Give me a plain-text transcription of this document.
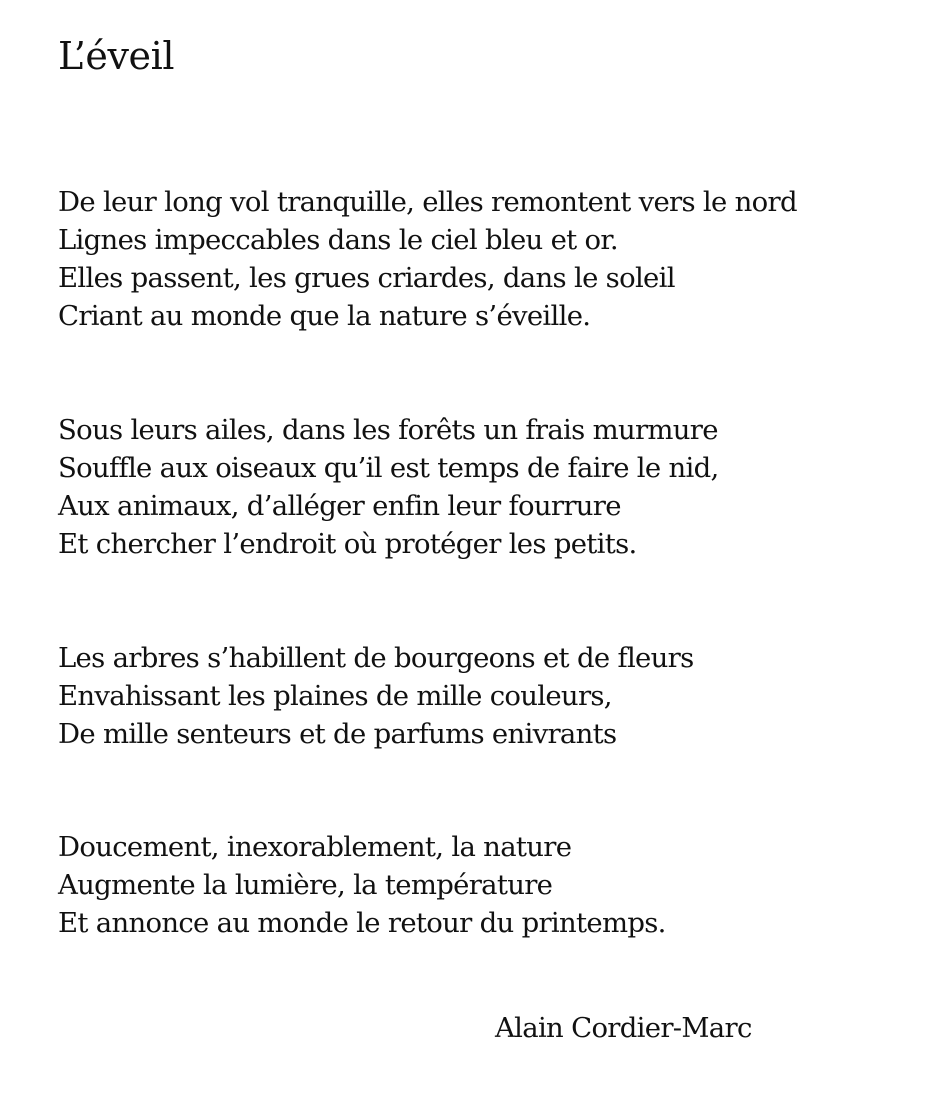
L’éveil

De leur long vol tranquille, elles remontent vers le nord
Lignes impeccables dans le ciel bleu et or.
Elles passent, les grues criardes, dans le soleil
Criant au monde que la nature s’éveille.

Sous leurs ailes, dans les forêts un frais murmure
Souffle aux oiseaux qu’il est temps de faire le nid,
Aux animaux, d’alléger enfin leur fourrure
Et chercher l’endroit où protéger les petits.

Les arbres s’habillent de bourgeons et de fleurs
Envahissant les plaines de mille couleurs,
De mille senteurs et de parfums enivrants

Doucement, inexorablement, la nature
Augmente la lumière, la température
Et annonce au monde le retour du printemps.

Alain Cordier-Marc
